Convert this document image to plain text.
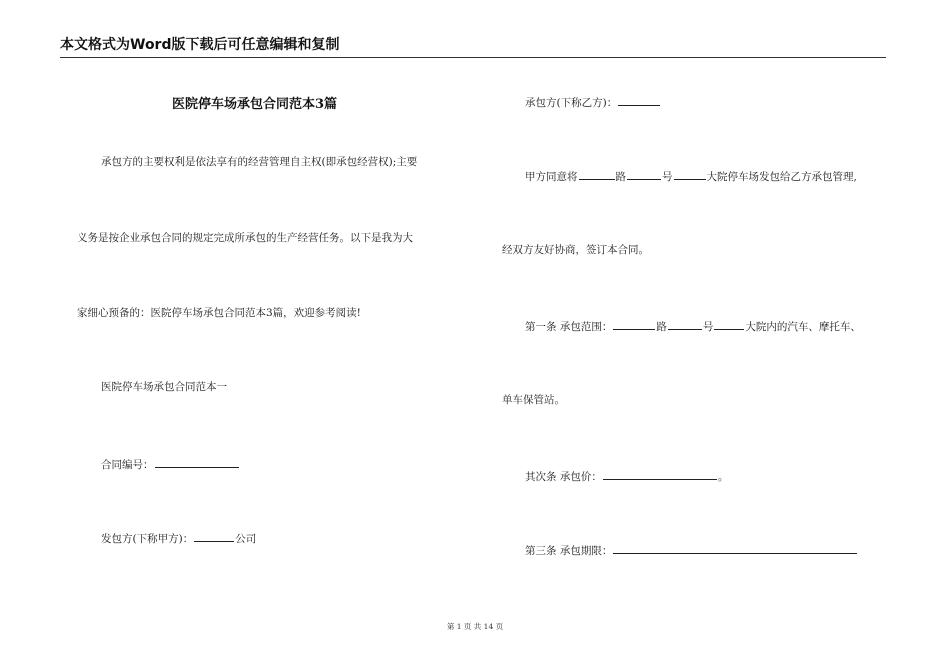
本文格式为Word版下载后可任意编辑和复制
医院停车场承包合同范本3篇
承包方的主要权利是依法享有的经营管理自主权(即承包经营权);主要
义务是按企业承包合同的规定完成所承包的生产经营任务。以下是我为大
家细心预备的：医院停车场承包合同范本3篇，欢迎参考阅读!
医院停车场承包合同范本一
合同编号：
发包方(下称甲方)：	公司
承包方(下称乙方)：
甲方同意将	路	号	大院停车场发包给乙方承包管理,
经双方友好协商，签订本合同。
第一条 承包范围：	路	号	大院内的汽车、摩托车、
单车保管站。
其次条 承包价：	。
第三条 承包期限：
第 1 页 共 14 页
